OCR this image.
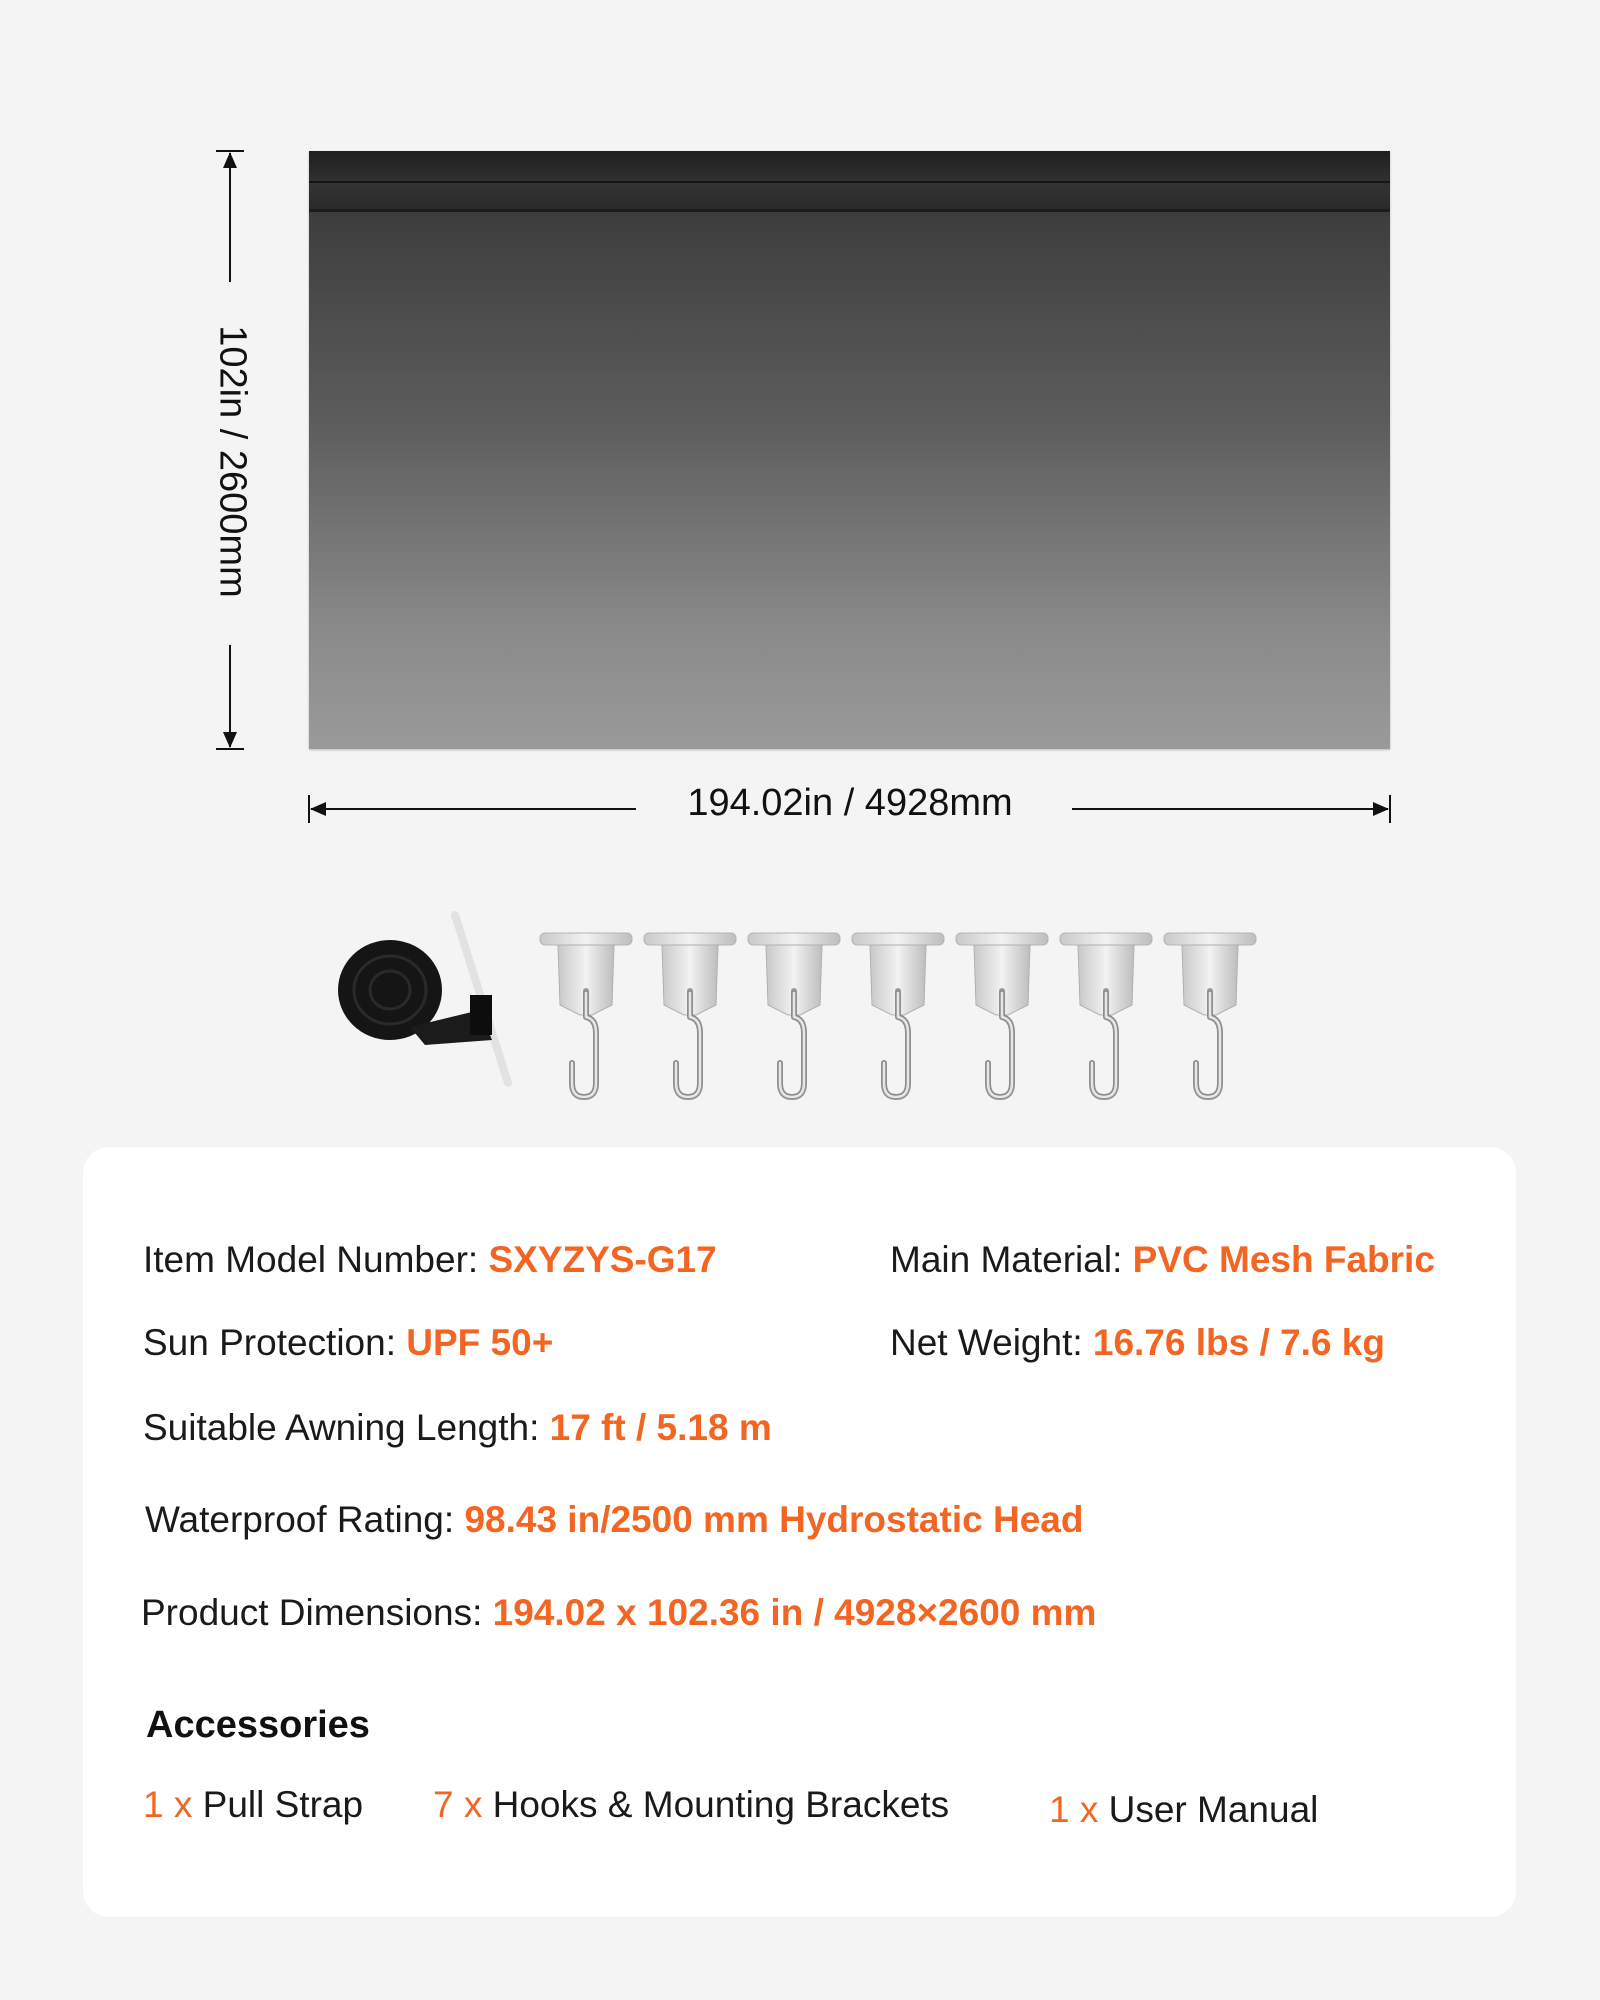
194.02in / 4928mm
102in / 2600mm
Item Model Number: SXYZYS-G17	Main Material: PVC Mesh Fabric
Sun Protection: UPF 50+	Net Weight: 16.76 lbs / 7.6 kg
Suitable Awning Length: 17 ft / 5.18 m
Waterproof Rating: 98.43 in/2500 mm Hydrostatic Head
Product Dimensions: 194.02 x 102.36 in / 4928×2600 mm
Accessories
1 x Pull Strap 7 x Hooks & Mounting Brackets	1 x User Manual
